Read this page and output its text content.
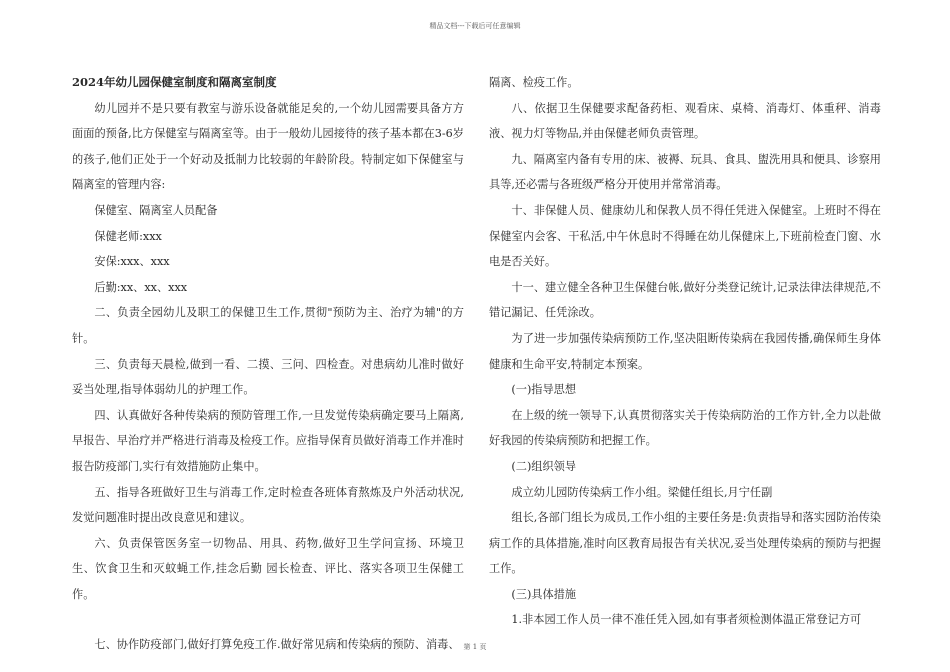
精品文档---下载后可任意编辑

2024年幼儿园保健室制度和隔离室制度

幼儿园并不是只要有教室与游乐设备就能足矣的,一个幼儿园需要具备方方面面的预备,比方保健室与隔离室等。由于一般幼儿园接待的孩子基本都在3-6岁的孩子,他们正处于一个好动及抵制力比较弱的年龄阶段。特制定如下保健室与隔离室的管理内容:

保健室、隔离室人员配备

保健老师:xxx

安保:xxx、xxx

后勤:xx、xx、xxx

二、负责全园幼儿及职工的保健卫生工作,贯彻"预防为主、治疗为辅"的方针。

三、负责每天晨检,做到一看、二摸、三问、四检查。对患病幼儿准时做好妥当处理,指导体弱幼儿的护理工作。

四、认真做好各种传染病的预防管理工作,一旦发觉传染病确定要马上隔离,早报告、早治疗并严格进行消毒及检疫工作。应指导保育员做好消毒工作并准时报告防疫部门,实行有效措施防止集中。

五、指导各班做好卫生与消毒工作,定时检查各班体育熬炼及户外活动状况,发觉问题准时提出改良意见和建议。

六、负责保管医务室一切物品、用具、药物,做好卫生学问宣扬、环境卫生、饮食卫生和灭蚊蝇工作,挂念后勤 园长检查、评比、落实各项卫生保健工作。

七、协作防疫部门,做好打算免疫工作.做好常见病和传染病的预防、消毒、

隔离、检疫工作。

八、依据卫生保健要求配备药柜、观看床、桌椅、消毒灯、体重秤、消毒液、视力灯等物品,并由保健老师负责管理。

九、隔离室内备有专用的床、被褥、玩具、食具、盥洗用具和便具、诊察用具等,还必需与各班级严格分开使用并常常消毒。

十、非保健人员、健康幼儿和保教人员不得任凭进入保健室。上班时不得在保健室内会客、干私活,中午休息时不得睡在幼儿保健床上,下班前检查门窗、水电是否关好。

十一、建立健全各种卫生保健台帐,做好分类登记统计,记录法律法律规范,不错记漏记、任凭涂改。

为了进一步加强传染病预防工作,坚决阻断传染病在我园传播,确保师生身体健康和生命平安,特制定本预案。

(一)指导思想

在上级的统一领导下,认真贯彻落实关于传染病防治的工作方针,全力以赴做好我园的传染病预防和把握工作。

(二)组织领导

成立幼儿园防传染病工作小组。梁健任组长,月宁任副

组长,各部门组长为成员,工作小组的主要任务是:负责指导和落实园防治传染病工作的具体措施,准时向区教育局报告有关状况,妥当处理传染病的预防与把握工作。

(三)具体措施

1.非本园工作人员一律不准任凭入园,如有事者须检测体温正常登记方可

第 1 页
